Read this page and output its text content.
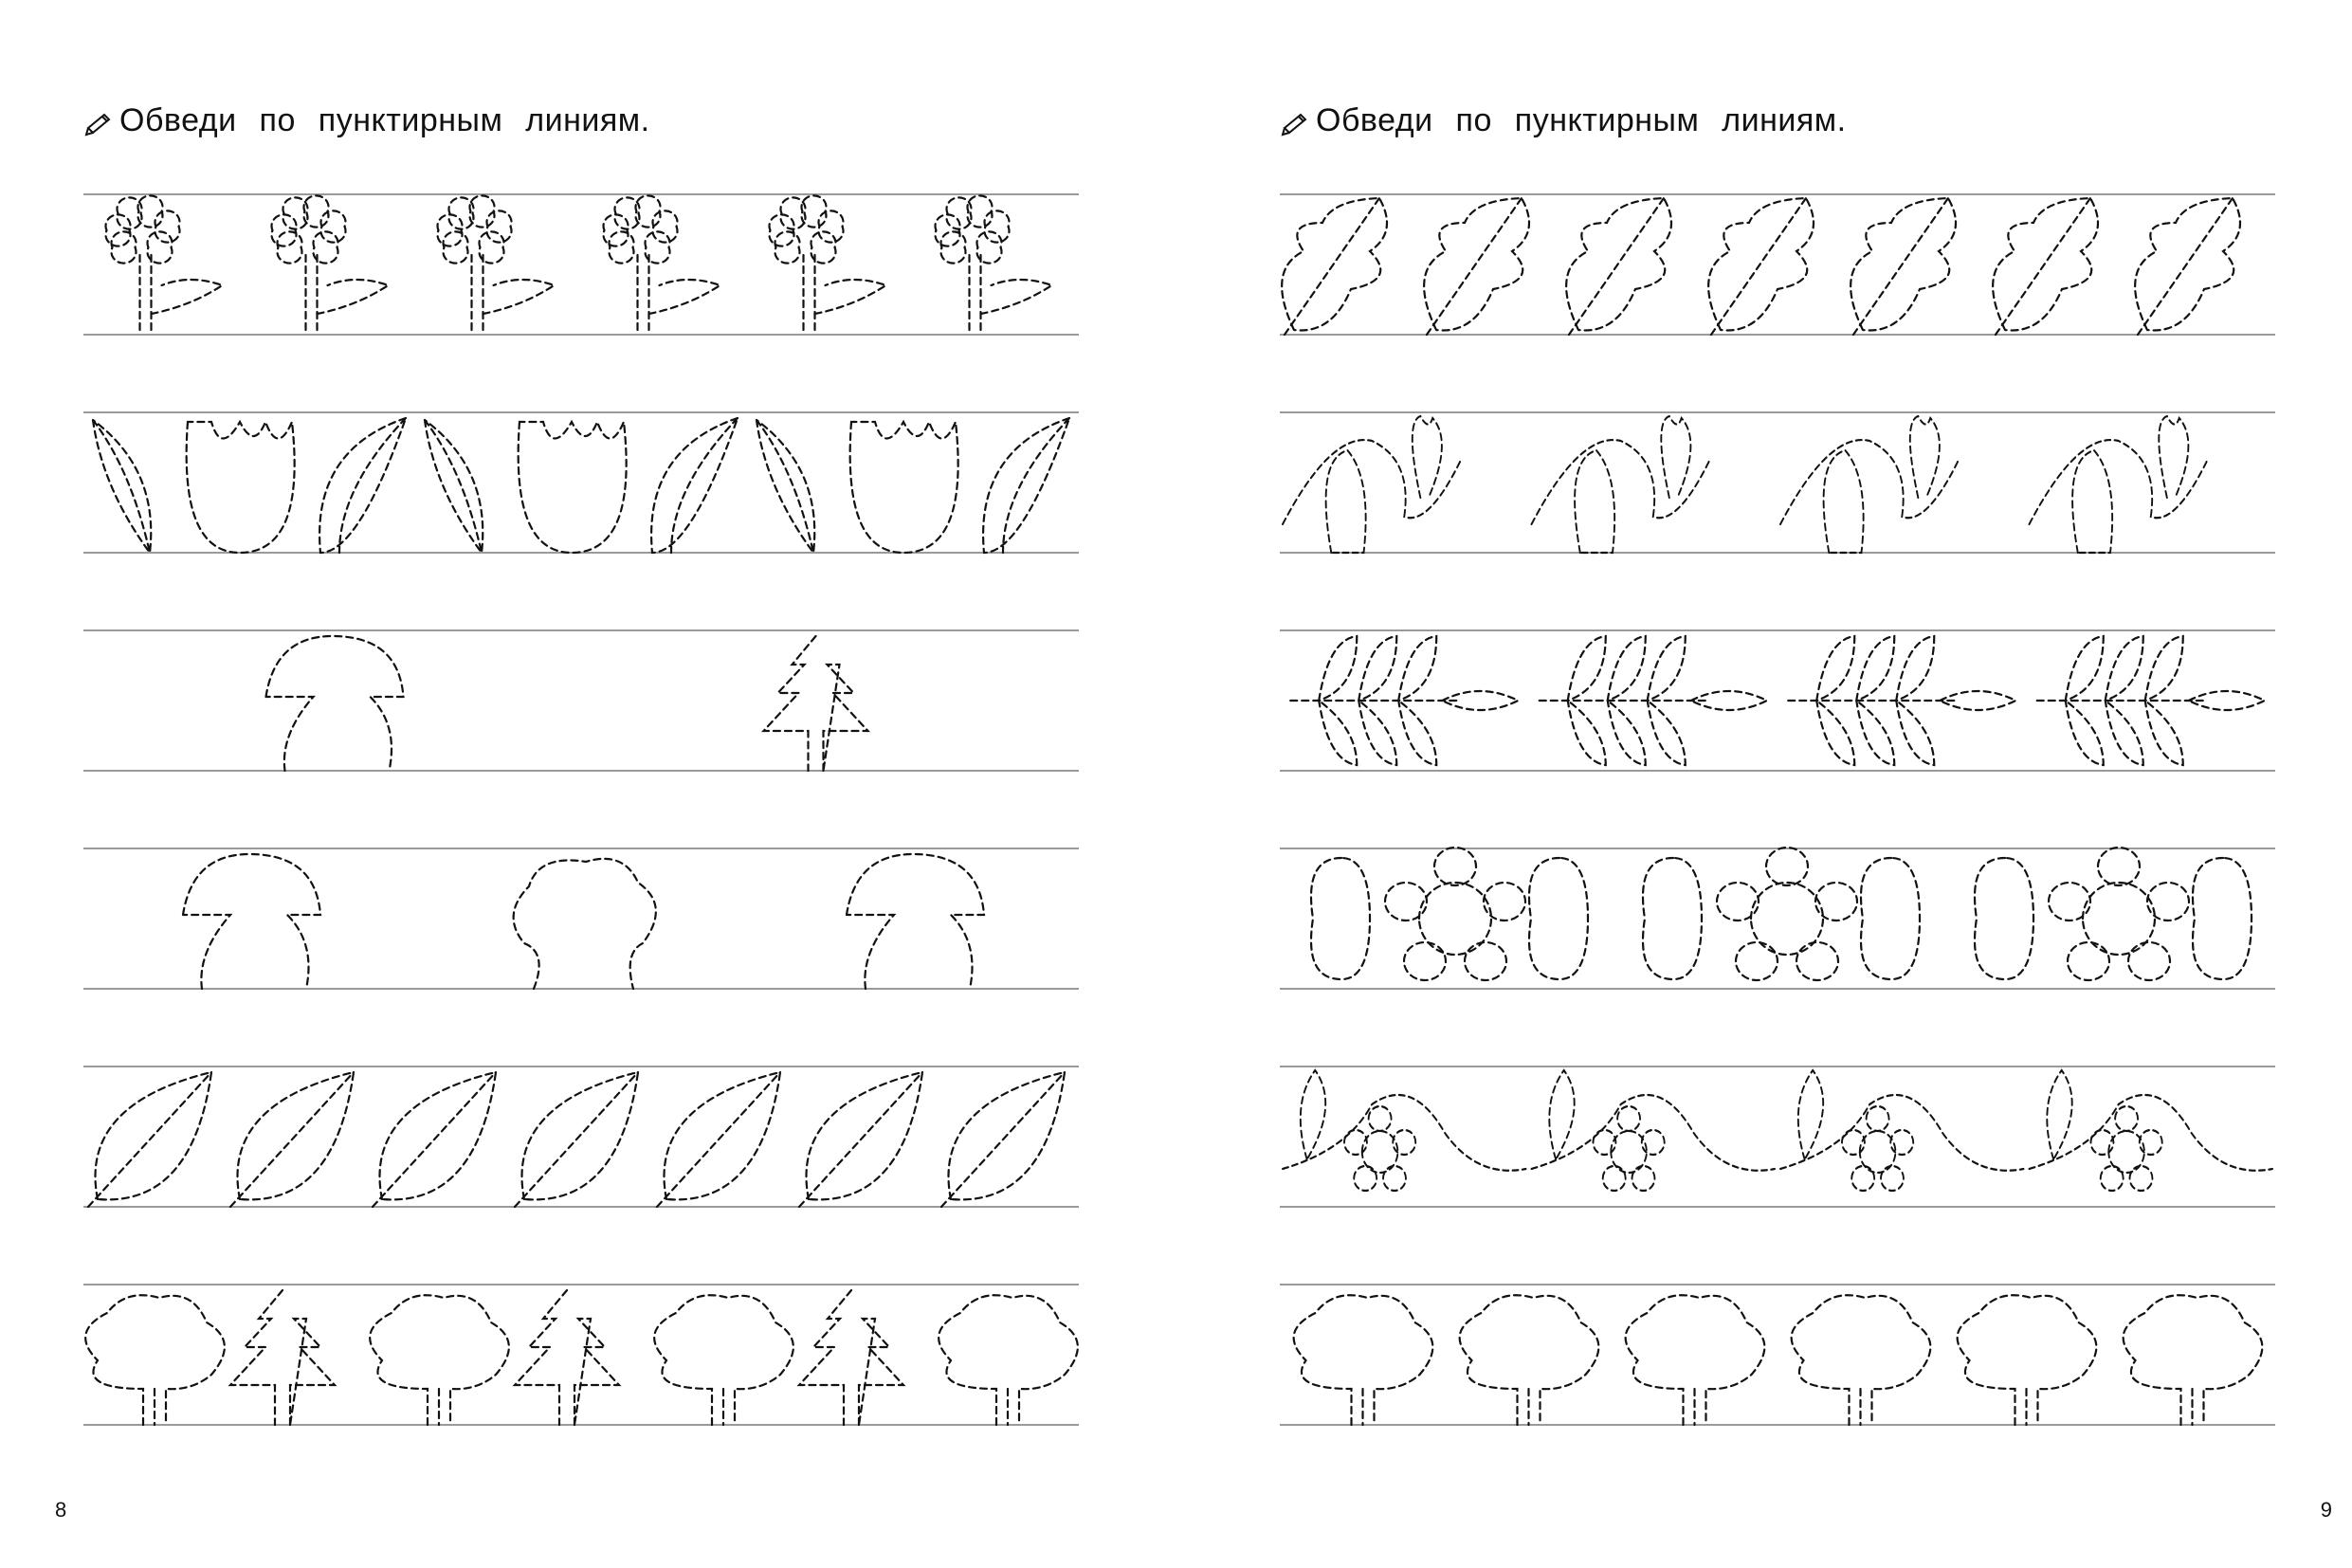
Обведи по пунктирным линиям.
8
Обведи по пунктирным линиям.
9
